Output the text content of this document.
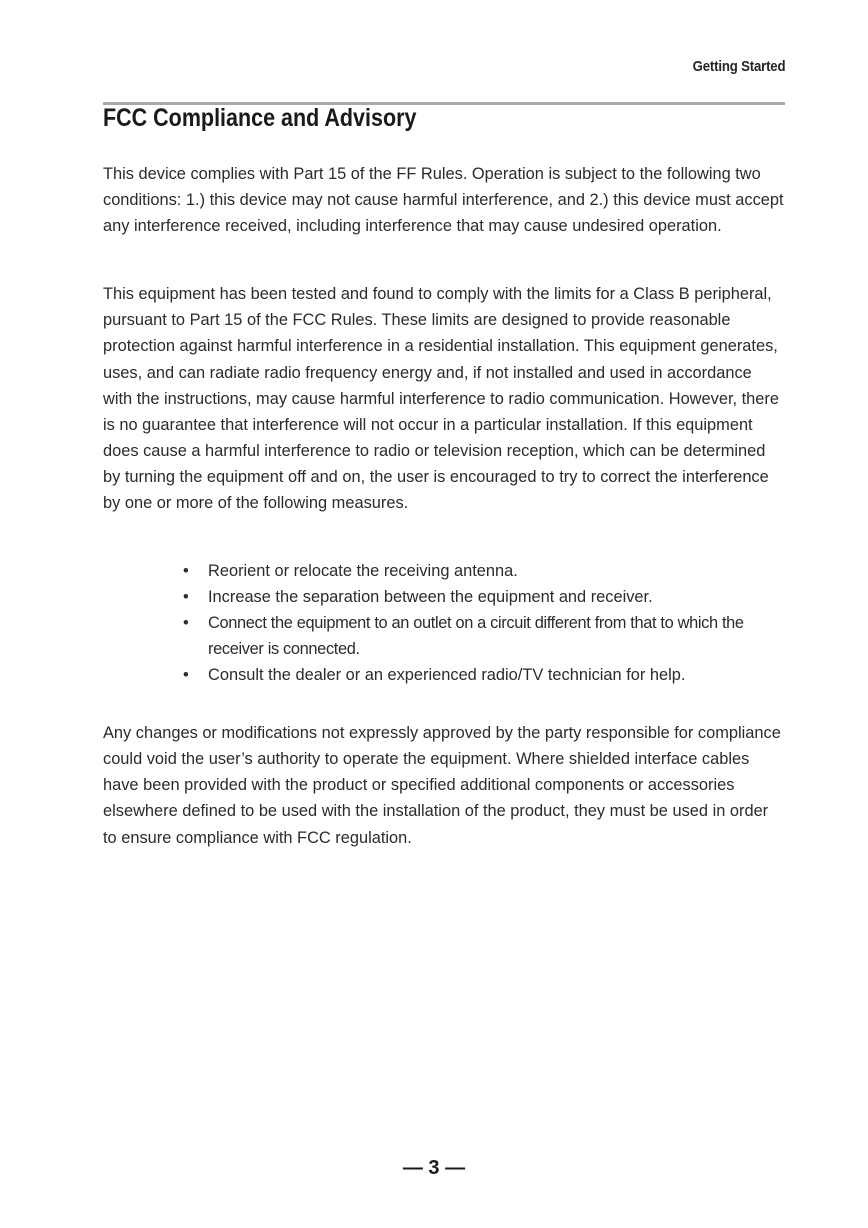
Getting Started
FCC Compliance and Advisory

This device complies with Part 15 of the FF Rules. Operation is subject to the following two conditions: 1.) this device may not cause harmful interference, and 2.) this device must accept any interference received, including interference that may cause undesired operation.

This equipment has been tested and found to comply with the limits for a Class B peripheral, pursuant to Part 15 of the FCC Rules. These limits are designed to provide reasonable protection against harmful interference in a residential installation. This equipment generates, uses, and can radiate radio frequency energy and, if not installed and used in accordance with the instructions, may cause harmful interference to radio communication. However, there is no guarantee that interference will not occur in a particular installation. If this equipment does cause a harmful interference to radio or television reception, which can be determined by turning the equipment off and on, the user is encouraged to try to correct the interference by one or more of the following measures.

• Reorient or relocate the receiving antenna.
• Increase the separation between the equipment and receiver.
• Connect the equipment to an outlet on a circuit different from that to which the receiver is connected.
• Consult the dealer or an experienced radio/TV technician for help.

Any changes or modifications not expressly approved by the party responsible for compliance could void the user’s authority to operate the equipment. Where shielded interface cables have been provided with the product or specified additional components or accessories elsewhere defined to be used with the installation of the product, they must be used in order to ensure compliance with FCC regulation.

— 3 —
